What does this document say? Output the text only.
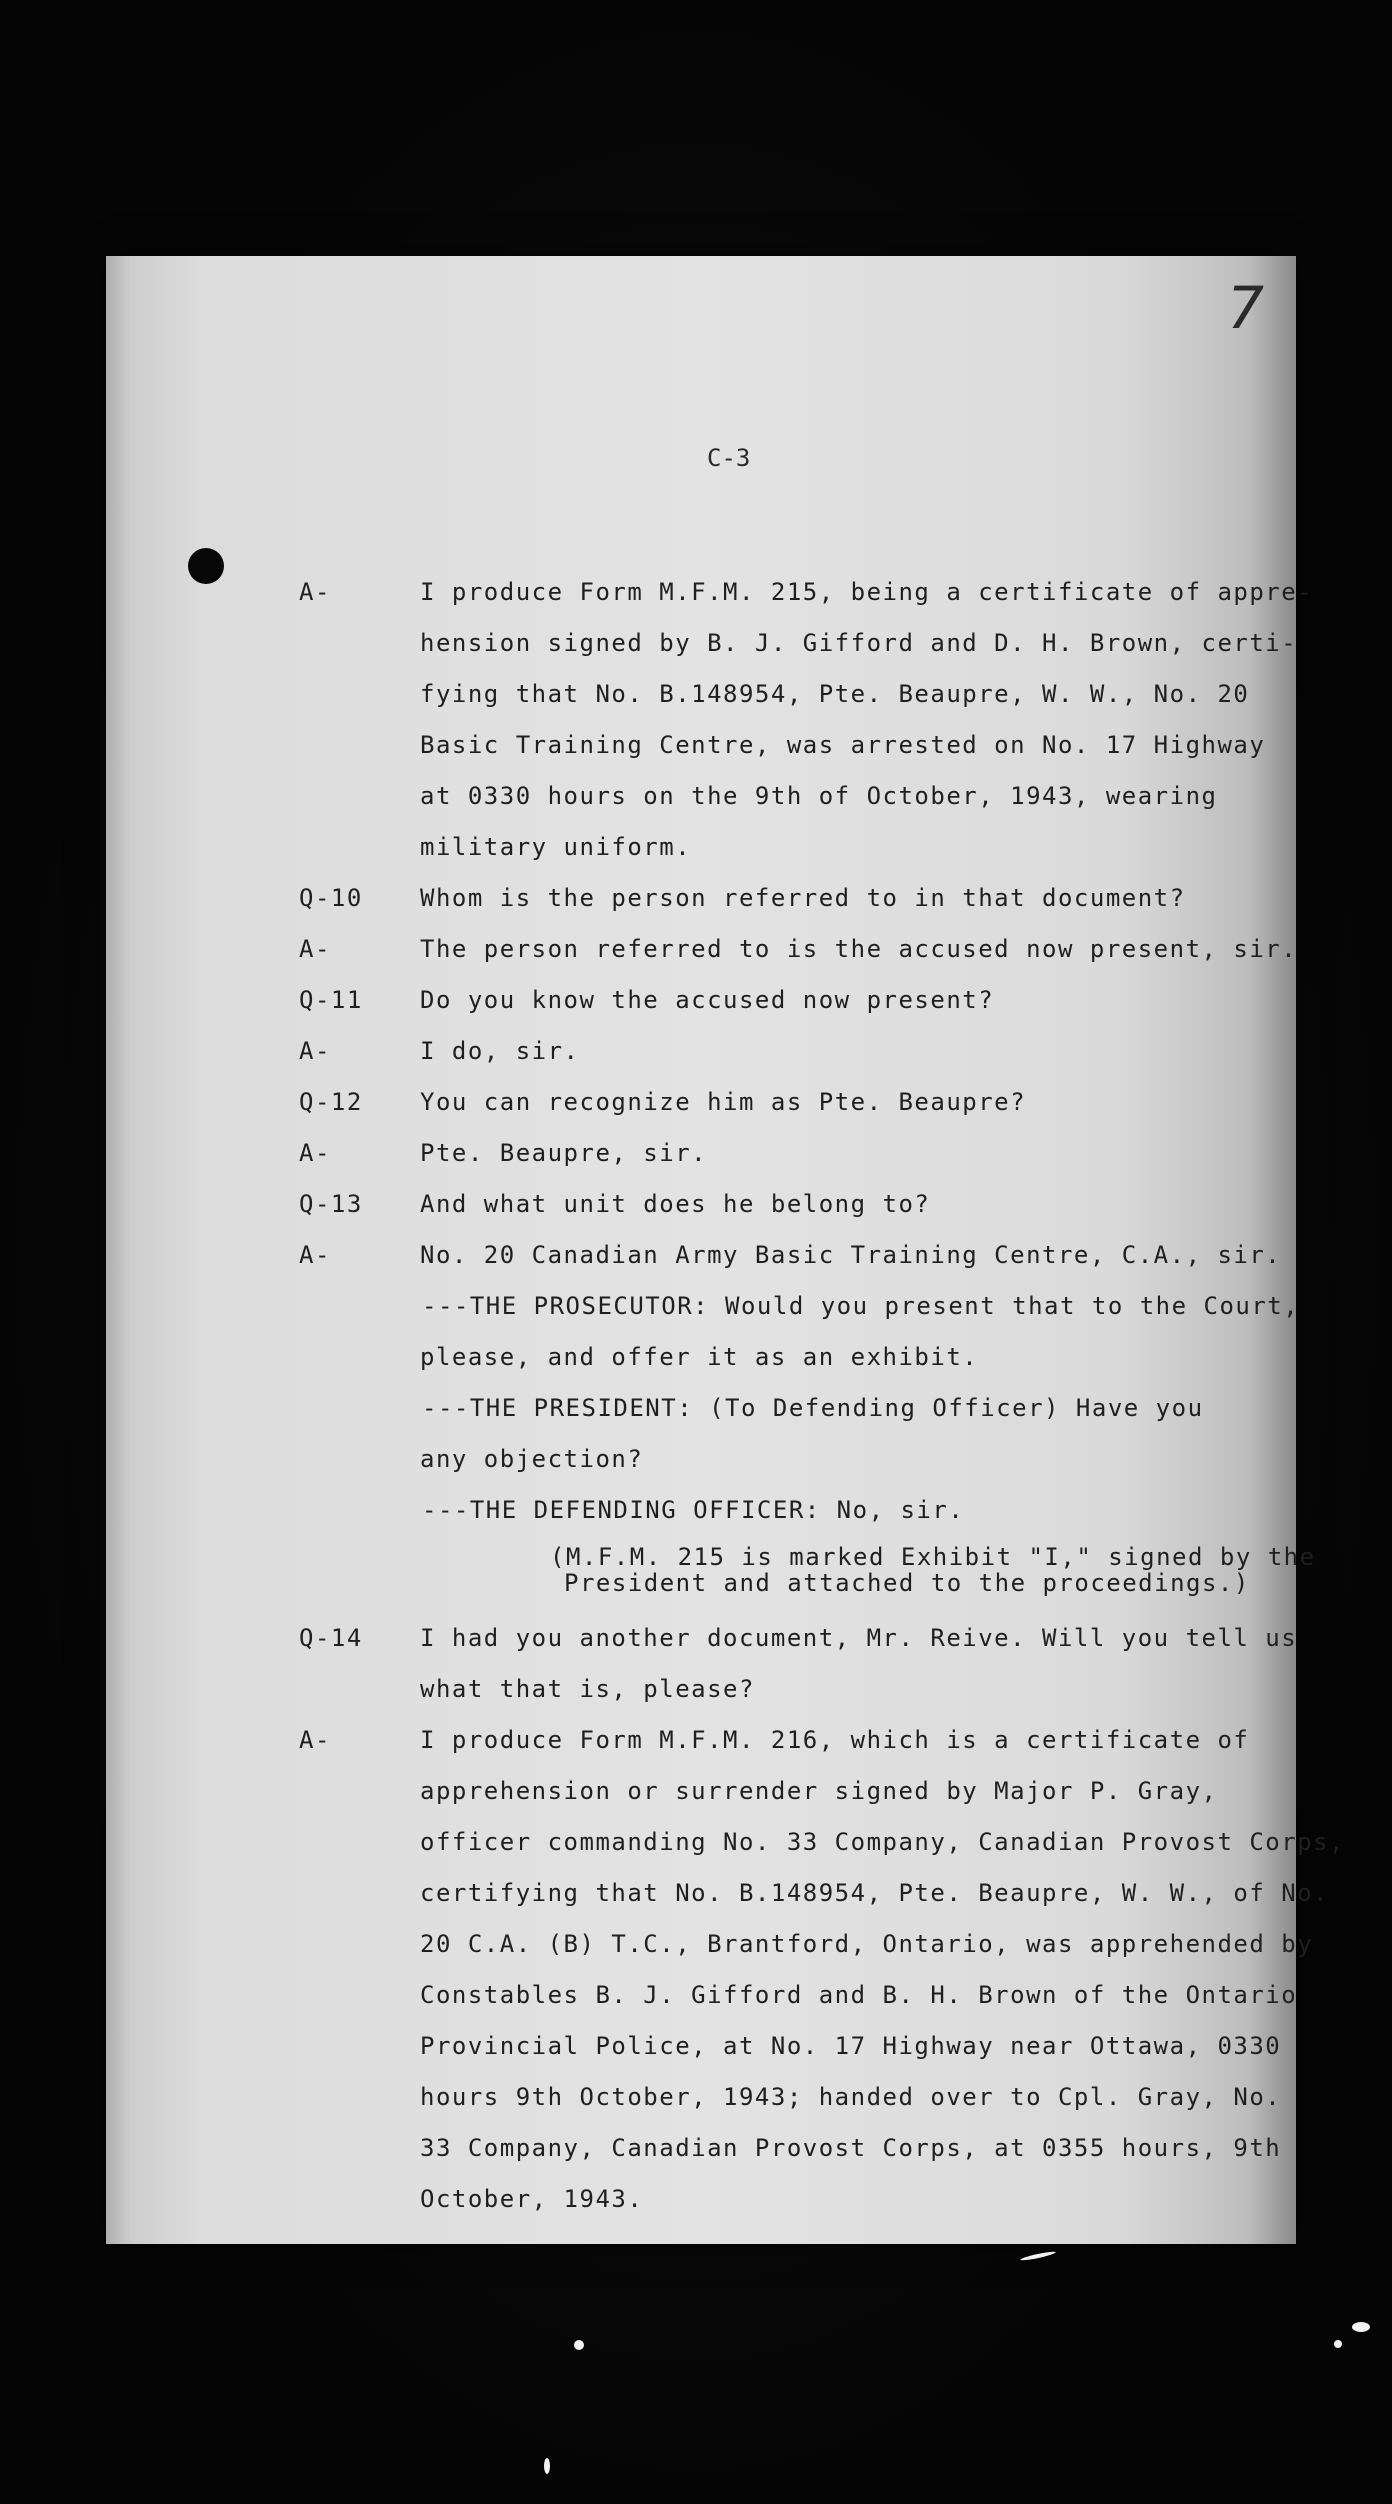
7
C-3
A-	I produce Form M.F.M. 215, being a certificate of appre-
hension signed by B. J. Gifford and D. H. Brown, certi-
fying that No. B.148954, Pte. Beaupre, W. W., No. 20
Basic Training Centre, was arrested on No. 17 Highway
at 0330 hours on the 9th of October, 1943, wearing
military uniform.
Q-10 Whom is the person referred to in that document?
A-	The person referred to is the accused now present, sir.
Q-11 Do you know the accused now present?
A-	I do, sir.
Q-12 You can recognize him as Pte. Beaupre?
A-	Pte. Beaupre, sir.
Q-13 And what unit does he belong to?
A-	No. 20 Canadian Army Basic Training Centre, C.A., sir.
---THE PROSECUTOR: Would you present that to the Court,
please, and offer it as an exhibit.
---THE PRESIDENT: (To Defending Officer) Have you
any objection?
---THE DEFENDING OFFICER: No, sir.
(M.F.M. 215 is marked Exhibit "I," signed by the
President and attached to the proceedings.)
Q-14 I had you another document, Mr. Reive. Will you tell us
what that is, please?
A-	I produce Form M.F.M. 216, which is a certificate of
apprehension or surrender signed by Major P. Gray,
officer commanding No. 33 Company, Canadian Provost Corps,
certifying that No. B.148954, Pte. Beaupre, W. W., of No.
20 C.A. (B) T.C., Brantford, Ontario, was apprehended by
Constables B. J. Gifford and B. H. Brown of the Ontario
Provincial Police, at No. 17 Highway near Ottawa, 0330
hours 9th October, 1943; handed over to Cpl. Gray, No.
33 Company, Canadian Provost Corps, at 0355 hours, 9th
October, 1943.
